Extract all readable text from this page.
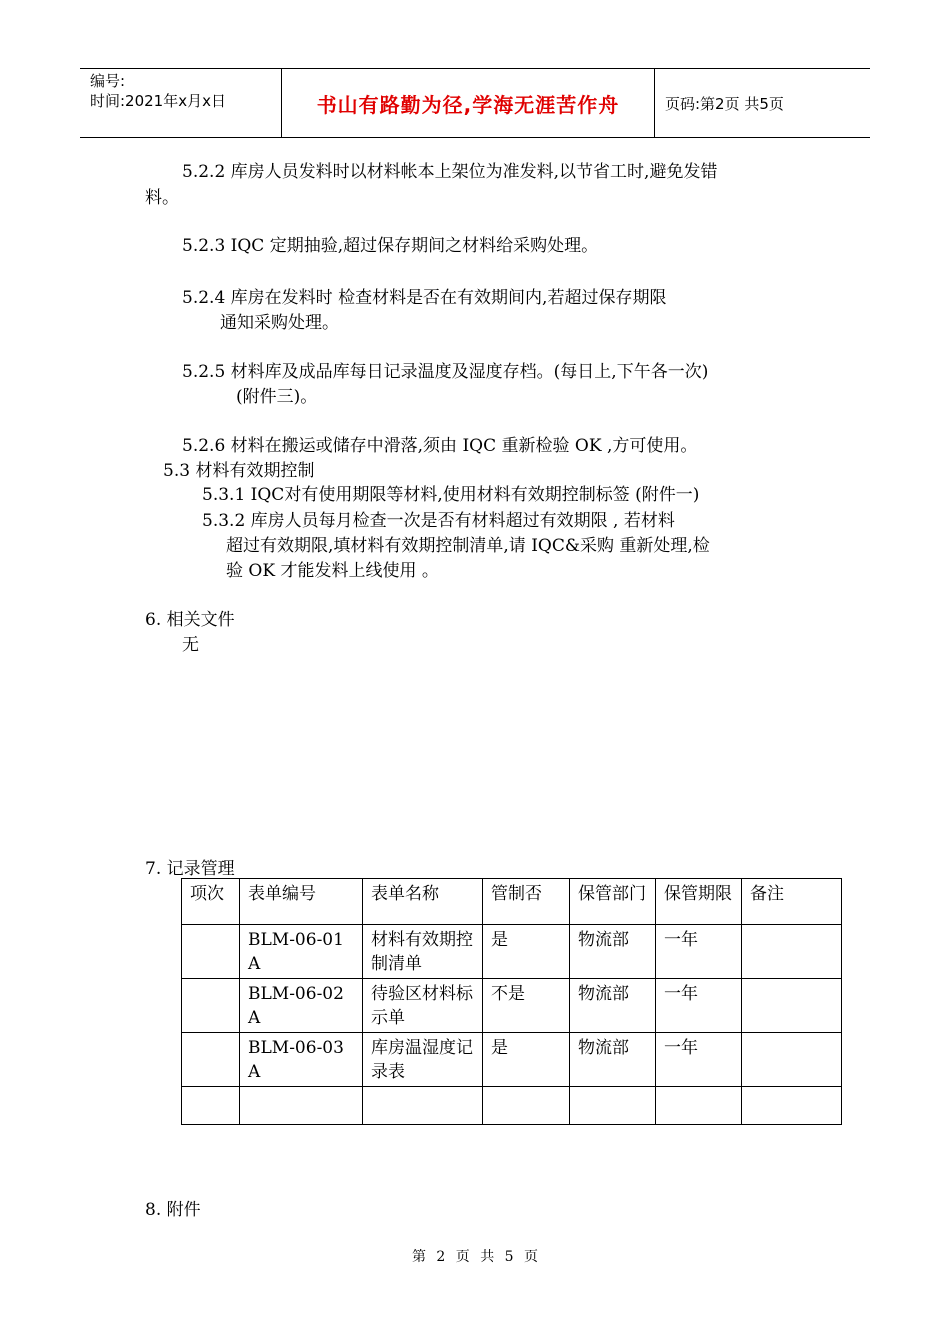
编号:
时间:2021年x月x日	书山有路勤为径,学海无涯苦作舟	页码:第2页 共5页
5.2.2 库房人员发料时以材料帐本上架位为准发料,以节省工时,避免发错
料。
5.2.3 IQC 定期抽验,超过保存期间之材料给采购处理。
5.2.4 库房在发料时 检查材料是否在有效期间内,若超过保存期限
通知采购处理。
5.2.5 材料库及成品库每日记录温度及湿度存档。(每日上,下午各一次)
(附件三)。
5.2.6 材料在搬运或储存中滑落,须由 IQC 重新检验 OK ,方可使用。
5.3 材料有效期控制
5.3.1 IQC对有使用期限等材料,使用材料有效期控制标签 (附件一)
5.3.2 库房人员每月检查一次是否有材料超过有效期限 , 若材料
超过有效期限,填材料有效期控制清单,请 IQC&采购 重新处理,检
验 OK 才能发料上线使用 。
6. 相关文件
无
7. 记录管理
项次	表单编号	表单名称	管制否	保管部门	保管期限	备注
	BLM-06-01A	材料有效期控制清单	是	物流部	一年	
	BLM-06-02A	待验区材料标示单	不是	物流部	一年	
	BLM-06-03A	库房温湿度记录表	是	物流部	一年	

8. 附件
第 2 页 共 5 页
